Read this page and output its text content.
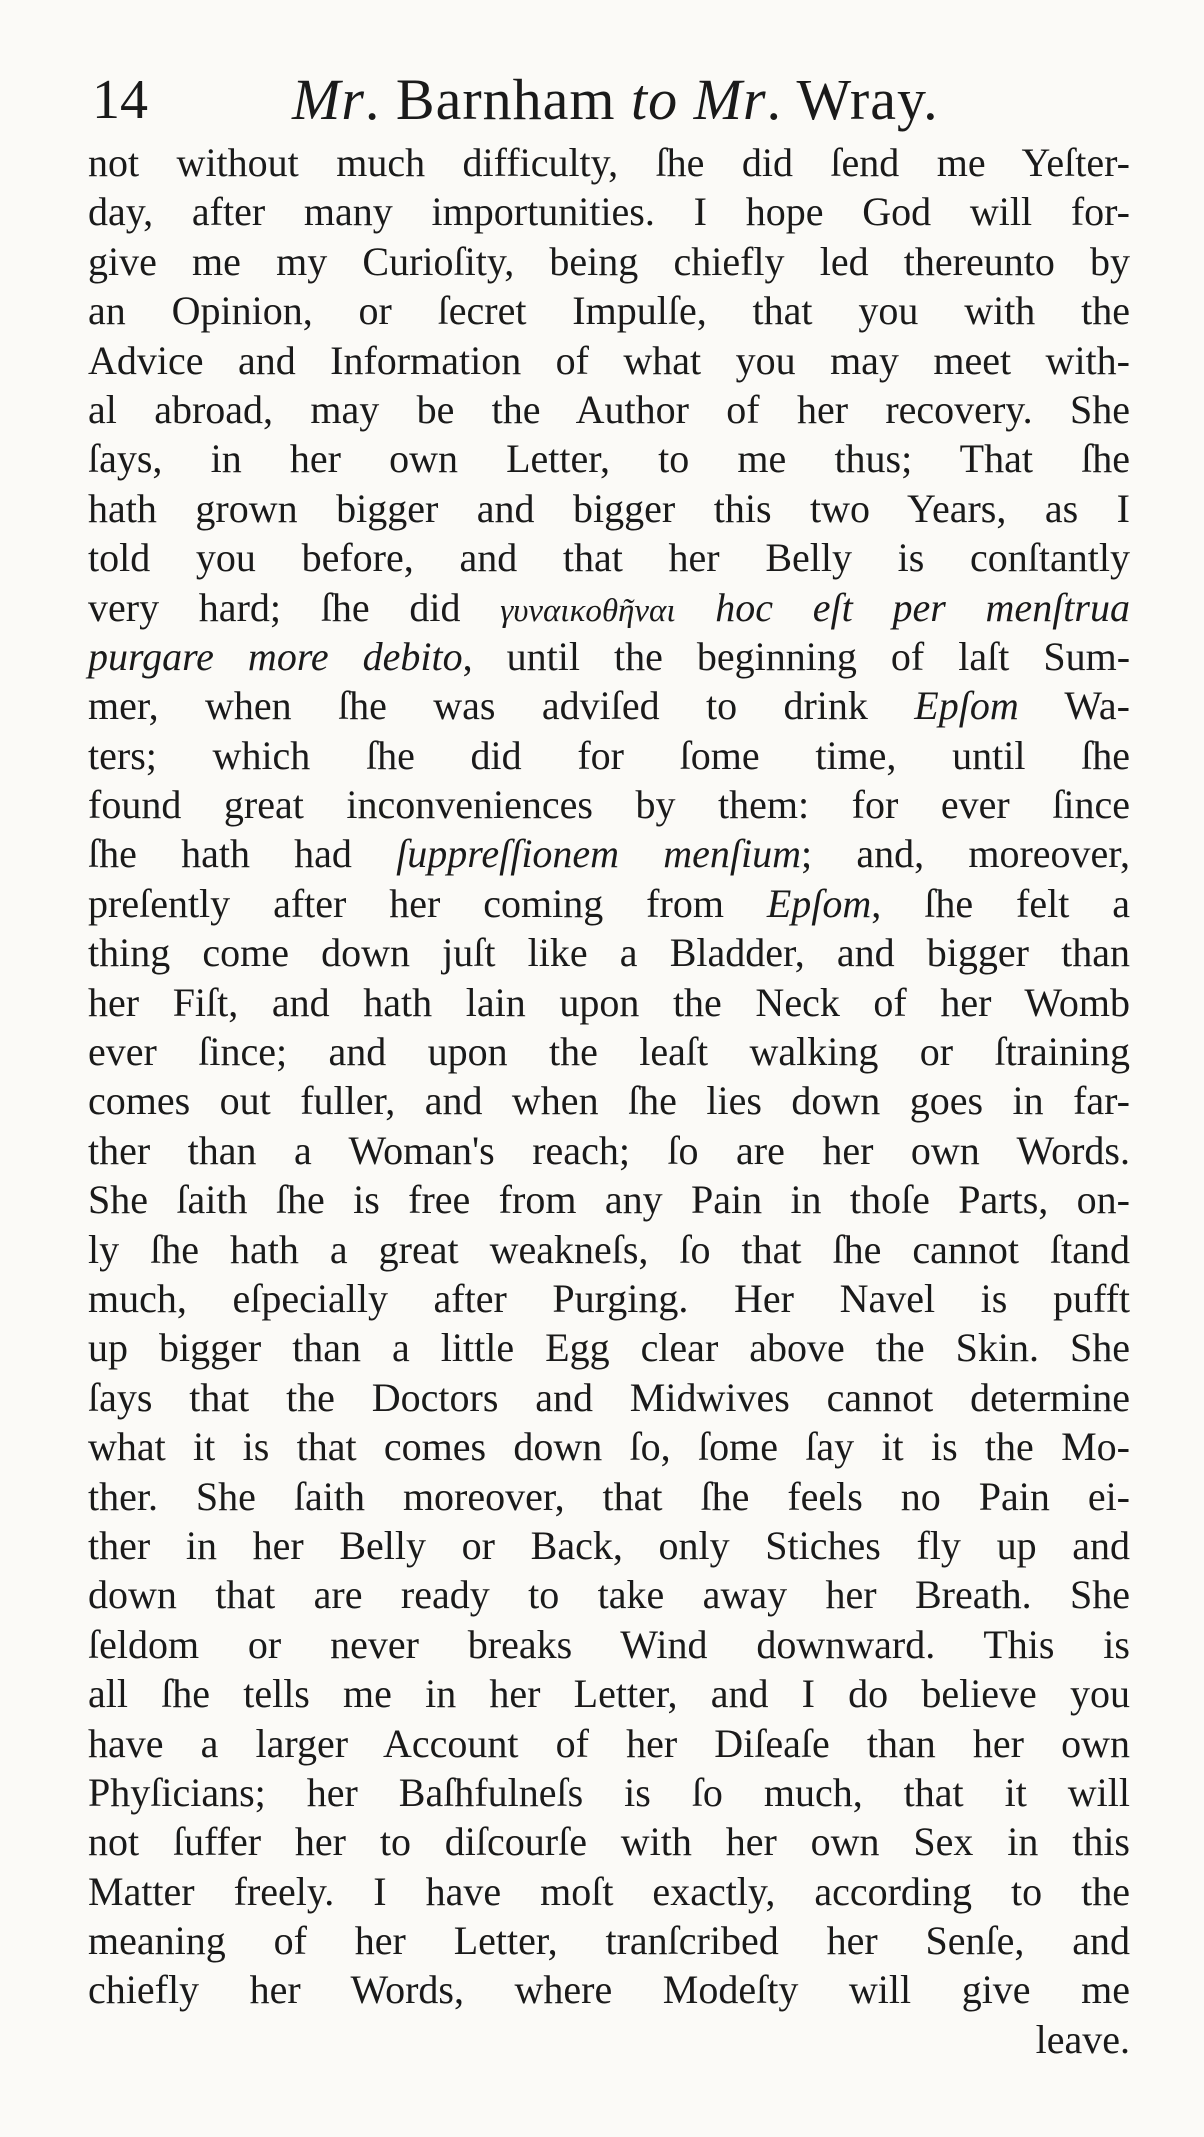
14 Mr. Barnham to Mr. Wray.
not without much difficulty, ſhe did ſend me Yeſter-
day, after many importunities. I hope God will for-
give me my Curioſity, being chiefly led thereunto by
an Opinion, or ſecret Impulſe, that you with the
Advice and Information of what you may meet with-
al abroad, may be the Author of her recovery. She
ſays, in her own Letter, to me thus; That ſhe
hath grown bigger and bigger this two Years, as I
told you before, and that her Belly is conſtantly
very hard; ſhe did γυναικοθῆναι hoc eſt per menſtrua
purgare more debito, until the beginning of laſt Sum-
mer, when ſhe was adviſed to drink Epſom Wa-
ters; which ſhe did for ſome time, until ſhe
found great inconveniences by them: for ever ſince
ſhe hath had ſuppreſſionem menſium; and, moreover,
preſently after her coming from Epſom, ſhe felt a
thing come down juſt like a Bladder, and bigger than
her Fiſt, and hath lain upon the Neck of her Womb
ever ſince; and upon the leaſt walking or ſtraining
comes out fuller, and when ſhe lies down goes in far-
ther than a Woman's reach; ſo are her own Words.
She ſaith ſhe is free from any Pain in thoſe Parts, on-
ly ſhe hath a great weakneſs, ſo that ſhe cannot ſtand
much, eſpecially after Purging. Her Navel is pufft
up bigger than a little Egg clear above the Skin. She
ſays that the Doctors and Midwives cannot determine
what it is that comes down ſo, ſome ſay it is the Mo-
ther. She ſaith moreover, that ſhe feels no Pain ei-
ther in her Belly or Back, only Stiches fly up and
down that are ready to take away her Breath. She
ſeldom or never breaks Wind downward. This is
all ſhe tells me in her Letter, and I do believe you
have a larger Account of her Diſeaſe than her own
Phyſicians; her Baſhfulneſs is ſo much, that it will
not ſuffer her to diſcourſe with her own Sex in this
Matter freely. I have moſt exactly, according to the
meaning of her Letter, tranſcribed her Senſe, and
chiefly her Words, where Modeſty will give me
leave.
